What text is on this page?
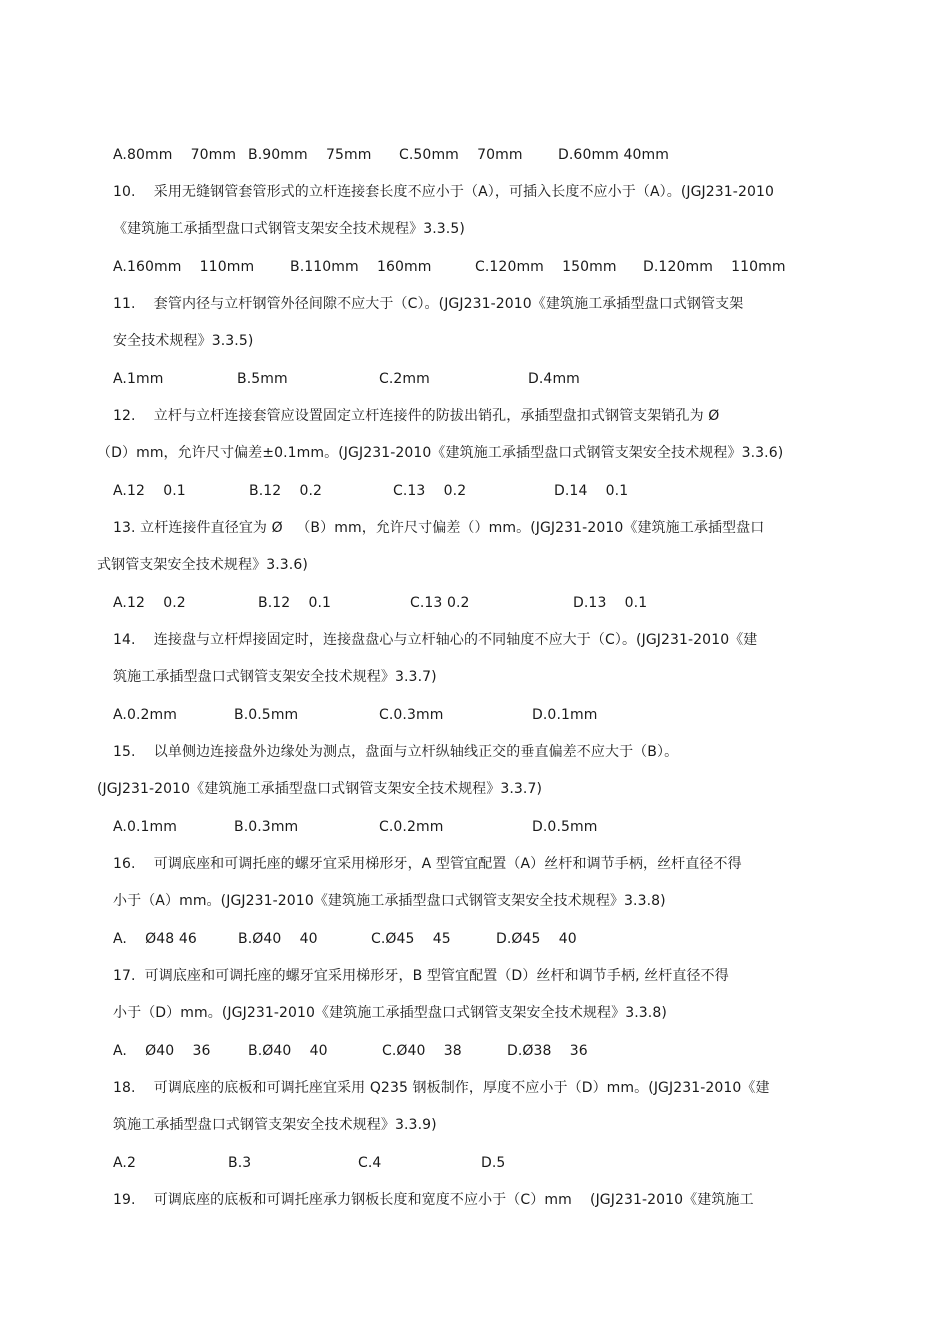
A.80mm    70mm

B.90mm    75mm

C.50mm    70mm

	D.60mm 40mm

10.    采用无缝钢管套管形式的立杆连接套长度不应小于（A），可插入长度不应小于（A）。(JGJ231-2010
《建筑施工承插型盘口式钢管支架安全技术规程》3.3.5)

A.160mm    110mm

	B.110mm    160mm

	C.120mm    150mm

D.120mm    110mm

11.    套管内径与立杆钢管外径间隙不应大于（C）。(JGJ231-2010《建筑施工承插型盘口式钢管支架
安全技术规程》3.3.5)

A.1mm

	B.5mm

	C.2mm

	D.4mm

12.    立杆与立杆连接套管应设置固定立杆连接件的防拔出销孔，承插型盘扣式钢管支架销孔为 Ø
（D）mm，允许尺寸偏差±0.1mm。(JGJ231-2010《建筑施工承插型盘口式钢管支架安全技术规程》3.3.6)

A.12    0.1

	B.12    0.2

	C.13    0.2

	D.14    0.1

13. 立杆连接件直径宜为 Ø   （B）mm，允许尺寸偏差（）mm。(JGJ231-2010《建筑施工承插型盘口
式钢管支架安全技术规程》3.3.6)

A.12    0.2

	B.12    0.1

	C.13 0.2

	D.13    0.1

14.    连接盘与立杆焊接固定时，连接盘盘心与立杆轴心的不同轴度不应大于（C）。(JGJ231-2010《建
筑施工承插型盘口式钢管支架安全技术规程》3.3.7)

A.0.2mm

	B.0.5mm

	C.0.3mm

	D.0.1mm

15.    以单侧边连接盘外边缘处为测点，盘面与立杆纵轴线正交的垂直偏差不应大于（B）。
(JGJ231-2010《建筑施工承插型盘口式钢管支架安全技术规程》3.3.7)

A.0.1mm

	B.0.3mm

	C.0.2mm

	D.0.5mm

16.    可调底座和可调托座的螺牙宜采用梯形牙，A 型管宜配置（A）丝杆和调节手柄，丝杆直径不得
小于（A）mm。(JGJ231-2010《建筑施工承插型盘口式钢管支架安全技术规程》3.3.8)

A.    Ø48 46

	B.Ø40    40

	C.Ø45    45

	D.Ø45    40

17.  可调底座和可调托座的螺牙宜采用梯形牙，B 型管宜配置（D）丝杆和调节手柄, 丝杆直径不得
小于（D）mm。(JGJ231-2010《建筑施工承插型盘口式钢管支架安全技术规程》3.3.8)

A.    Ø40    36

	B.Ø40    40

	C.Ø40    38

	D.Ø38    36

18.    可调底座的底板和可调托座宜采用 Q235 钢板制作，厚度不应小于（D）mm。(JGJ231-2010《建
筑施工承插型盘口式钢管支架安全技术规程》3.3.9)

A.2

	B.3

	C.4

	D.5

19.    可调底座的底板和可调托座承力钢板长度和宽度不应小于（C）mm    (JGJ231-2010《建筑施工
